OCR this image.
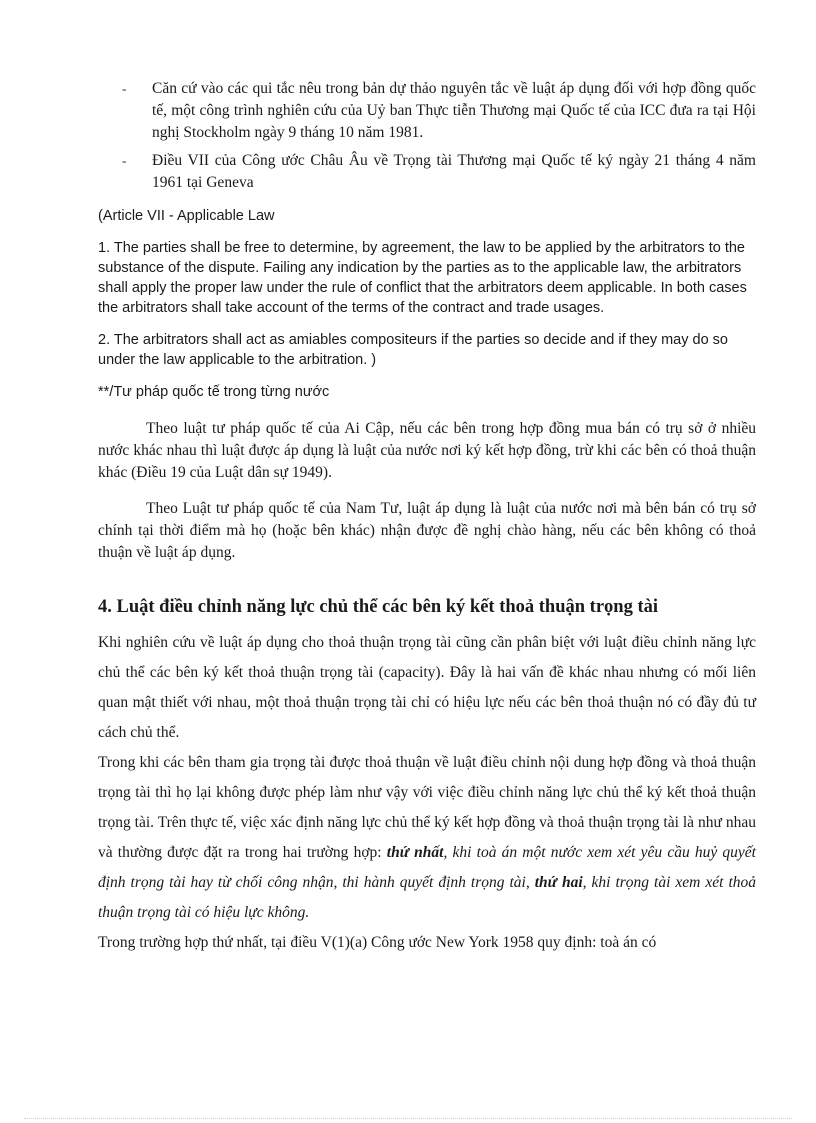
- Căn cứ vào các qui tắc nêu trong bản dự thảo nguyên tắc về luật áp dụng đối với hợp đồng quốc tế, một công trình nghiên cứu của Uỷ ban Thực tiễn Thương mại Quốc tế của ICC đưa ra tại Hội nghị Stockholm ngày 9 tháng 10 năm 1981.

- Điều VII của Công ước Châu Âu về Trọng tài Thương mại Quốc tế ký ngày 21 tháng 4 năm 1961 tại Geneva

(Article VII - Applicable Law

1. The parties shall be free to determine, by agreement, the law to be applied by the arbitrators to the substance of the dispute. Failing any indication by the parties as to the applicable law, the arbitrators shall apply the proper law under the rule of conflict that the arbitrators deem applicable. In both cases the arbitrators shall take account of the terms of the contract and trade usages.

2. The arbitrators shall act as amiables compositeurs if the parties so decide and if they may do so under the law applicable to the arbitration. )

**/Tư pháp quốc tế trong từng nước

Theo luật tư pháp quốc tế của Ai Cập, nếu các bên trong hợp đồng mua bán có trụ sở ở nhiều nước khác nhau thì luật được áp dụng là luật của nước nơi ký kết hợp đồng, trừ khi các bên có thoả thuận khác (Điều 19 của Luật dân sự 1949).

Theo Luật tư pháp quốc tế của Nam Tư, luật áp dụng là luật của nước nơi mà bên bán có trụ sở chính tại thời điểm mà họ (hoặc bên khác) nhận được đề nghị chào hàng, nếu các bên không có thoả thuận về luật áp dụng.

4. Luật điều chỉnh năng lực chủ thể các bên ký kết thoả thuận trọng tài

Khi nghiên cứu về luật áp dụng cho thoả thuận trọng tài cũng cần phân biệt với luật điều chỉnh năng lực chủ thể các bên ký kết thoả thuận trọng tài (capacity). Đây là hai vấn đề khác nhau nhưng có mối liên quan mật thiết với nhau, một thoả thuận trọng tài chỉ có hiệu lực nếu các bên thoả thuận nó có đầy đủ tư cách chủ thể.

Trong khi các bên tham gia trọng tài được thoả thuận về luật điều chỉnh nội dung hợp đồng và thoả thuận trọng tài thì họ lại không được phép làm như vậy với việc điều chỉnh năng lực chủ thể ký kết thoả thuận trọng tài. Trên thực tế, việc xác định năng lực chủ thể ký kết hợp đồng và thoả thuận trọng tài là như nhau và thường được đặt ra trong hai trường hợp: thứ nhất, khi toà án một nước xem xét yêu cầu huỷ quyết định trọng tài hay từ chối công nhận, thi hành quyết định trọng tài, thứ hai, khi trọng tài xem xét thoả thuận trọng tài có hiệu lực không.

Trong trường hợp thứ nhất, tại điều V(1)(a) Công ước New York 1958 quy định: toà án có
